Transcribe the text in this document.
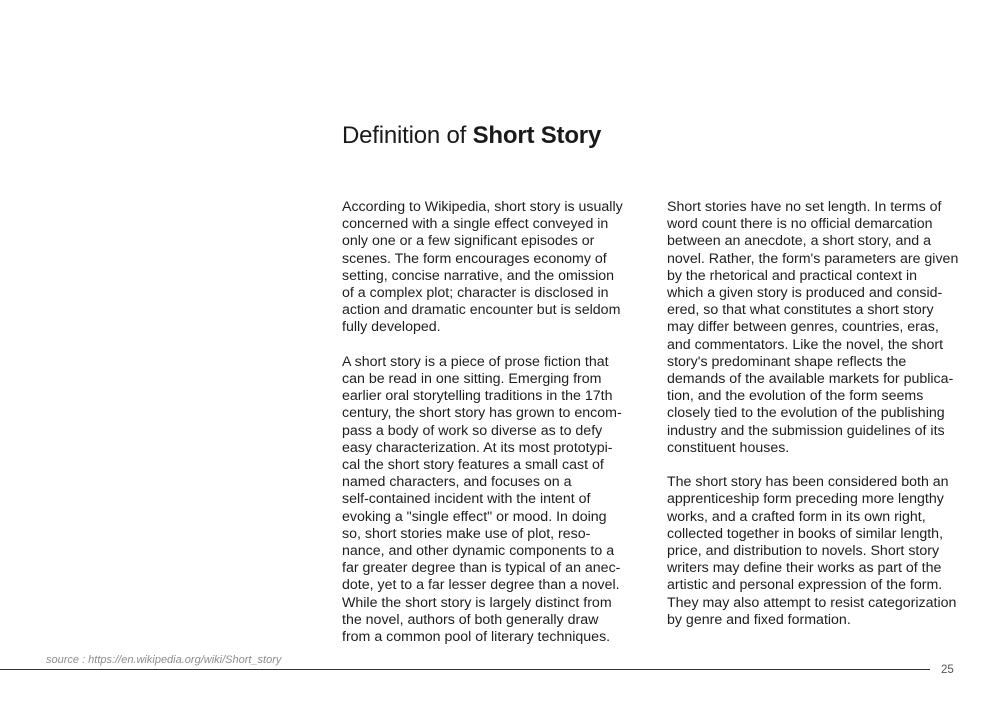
Definition of Short Story
According to Wikipedia, short story is usually
concerned with a single effect conveyed in
only one or a few significant episodes or
scenes. The form encourages economy of
setting, concise narrative, and the omission
of a complex plot; character is disclosed in
action and dramatic encounter but is seldom
fully developed.
A short story is a piece of prose fiction that
can be read in one sitting. Emerging from
earlier oral storytelling traditions in the 17th
century, the short story has grown to encom-
pass a body of work so diverse as to defy
easy characterization. At its most prototypi-
cal the short story features a small cast of
named characters, and focuses on a
self-contained incident with the intent of
evoking a "single effect" or mood. In doing
so, short stories make use of plot, reso-
nance, and other dynamic components to a
far greater degree than is typical of an anec-
dote, yet to a far lesser degree than a novel.
While the short story is largely distinct from
the novel, authors of both generally draw
from a common pool of literary techniques.
Short stories have no set length. In terms of
word count there is no official demarcation
between an anecdote, a short story, and a
novel. Rather, the form's parameters are given
by the rhetorical and practical context in
which a given story is produced and consid-
ered, so that what constitutes a short story
may differ between genres, countries, eras,
and commentators. Like the novel, the short
story's predominant shape reflects the
demands of the available markets for publica-
tion, and the evolution of the form seems
closely tied to the evolution of the publishing
industry and the submission guidelines of its
constituent houses.
The short story has been considered both an
apprenticeship form preceding more lengthy
works, and a crafted form in its own right,
collected together in books of similar length,
price, and distribution to novels. Short story
writers may define their works as part of the
artistic and personal expression of the form.
They may also attempt to resist categorization
by genre and fixed formation.
source : https://en.wikipedia.org/wiki/Short_story
25
